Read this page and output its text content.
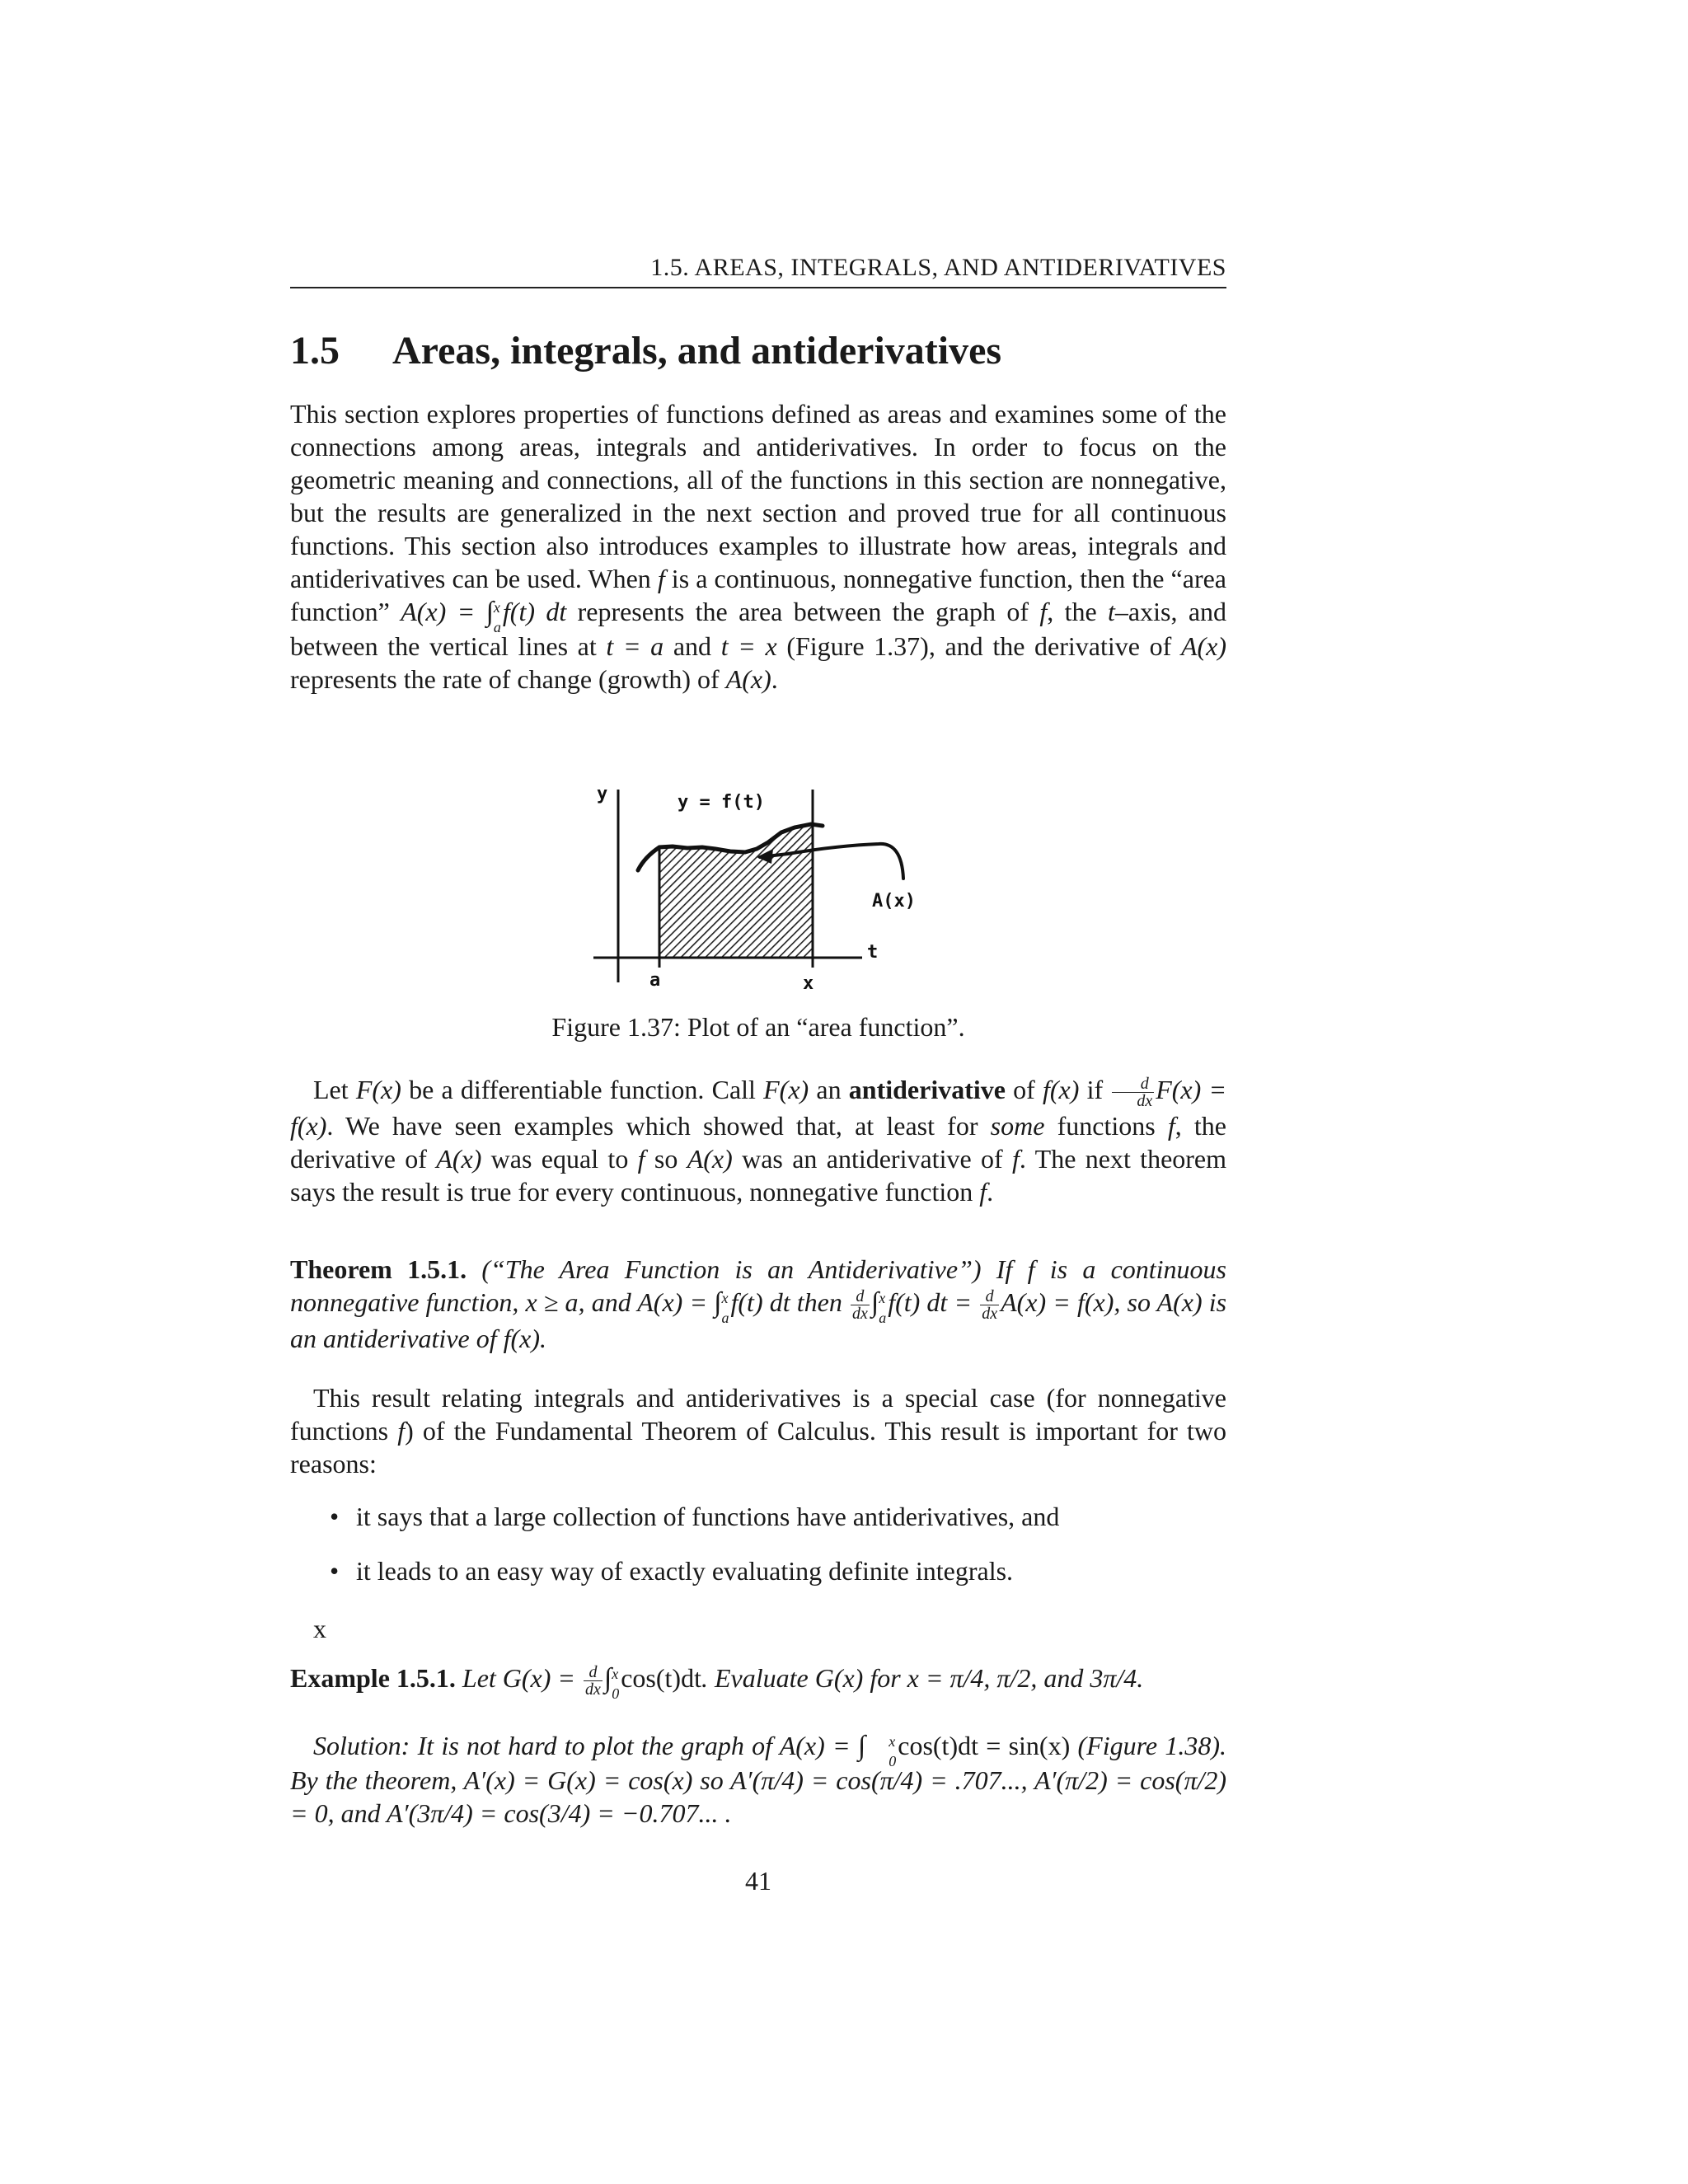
1.5. AREAS, INTEGRALS, AND ANTIDERIVATIVES
1.5 Areas, integrals, and antiderivatives

This section explores properties of functions defined as areas and examines some of the connections among areas, integrals and antiderivatives. In order to focus on the geometric meaning and connections, all of the functions in this section are nonnegative, but the results are generalized in the next section and proved true for all continuous functions. This section also introduces examples to illustrate how areas, integrals and antiderivatives can be used. When f is a continuous, nonnegative function, then the “area function” A(x) = ∫ x
a
f(t) dt represents the area between the graph of f, the t–axis, and between the vertical lines at t = a and t = x (Figure 1.37), and the derivative of A(x) represents the rate of change (growth) of A(x).

y	y = f(t)
A(x)
t
a	x
Figure 1.37: Plot of an “area function”.

Let F(x) be a differentiable function. Call F(x) an antiderivative of f(x) if $\frac{d}{dx} F(x) = f(x)$. We have seen examples which showed that, at least for some functions f, the derivative of A(x) was equal to f so A(x) was an antiderivative of f. The next theorem says the result is true for every continuous, nonnegative function f.

Theorem 1.5.1. (“The Area Function is an Antiderivative”) If f is a continuous nonnegative function, x ≥ a, and A(x) = ∫ x
a
f(t) dt then $\frac{d}{dx}$ ∫ x
a
f(t) dt = $\frac{d}{dx} A(x) = f(x)$, so A(x) is an antiderivative of f(x).

This result relating integrals and antiderivatives is a special case (for nonnegative functions f) of the Fundamental Theorem of Calculus. This result is important for two reasons:

• it says that a large collection of functions have antiderivatives, and
• it leads to an easy way of exactly evaluating definite integrals.
x

Example 1.5.1. Let $G(x) = \frac{d}{dx}$ ∫ x
0
cos(t)dt. Evaluate G(x) for x = π/4, π/2, and 3π/4.

Solution: It is not hard to plot the graph of A(x) = ∫	x
0
cos(t)dt = sin(x) (Figure 1.38). By the theorem, A′(x) = G(x) = cos(x) so A′(π/4) = cos(π/4) = .707..., A′(π/2) = cos(π/2) = 0, and A′(3π/4) = cos(3/4) = −0.707... .

41
